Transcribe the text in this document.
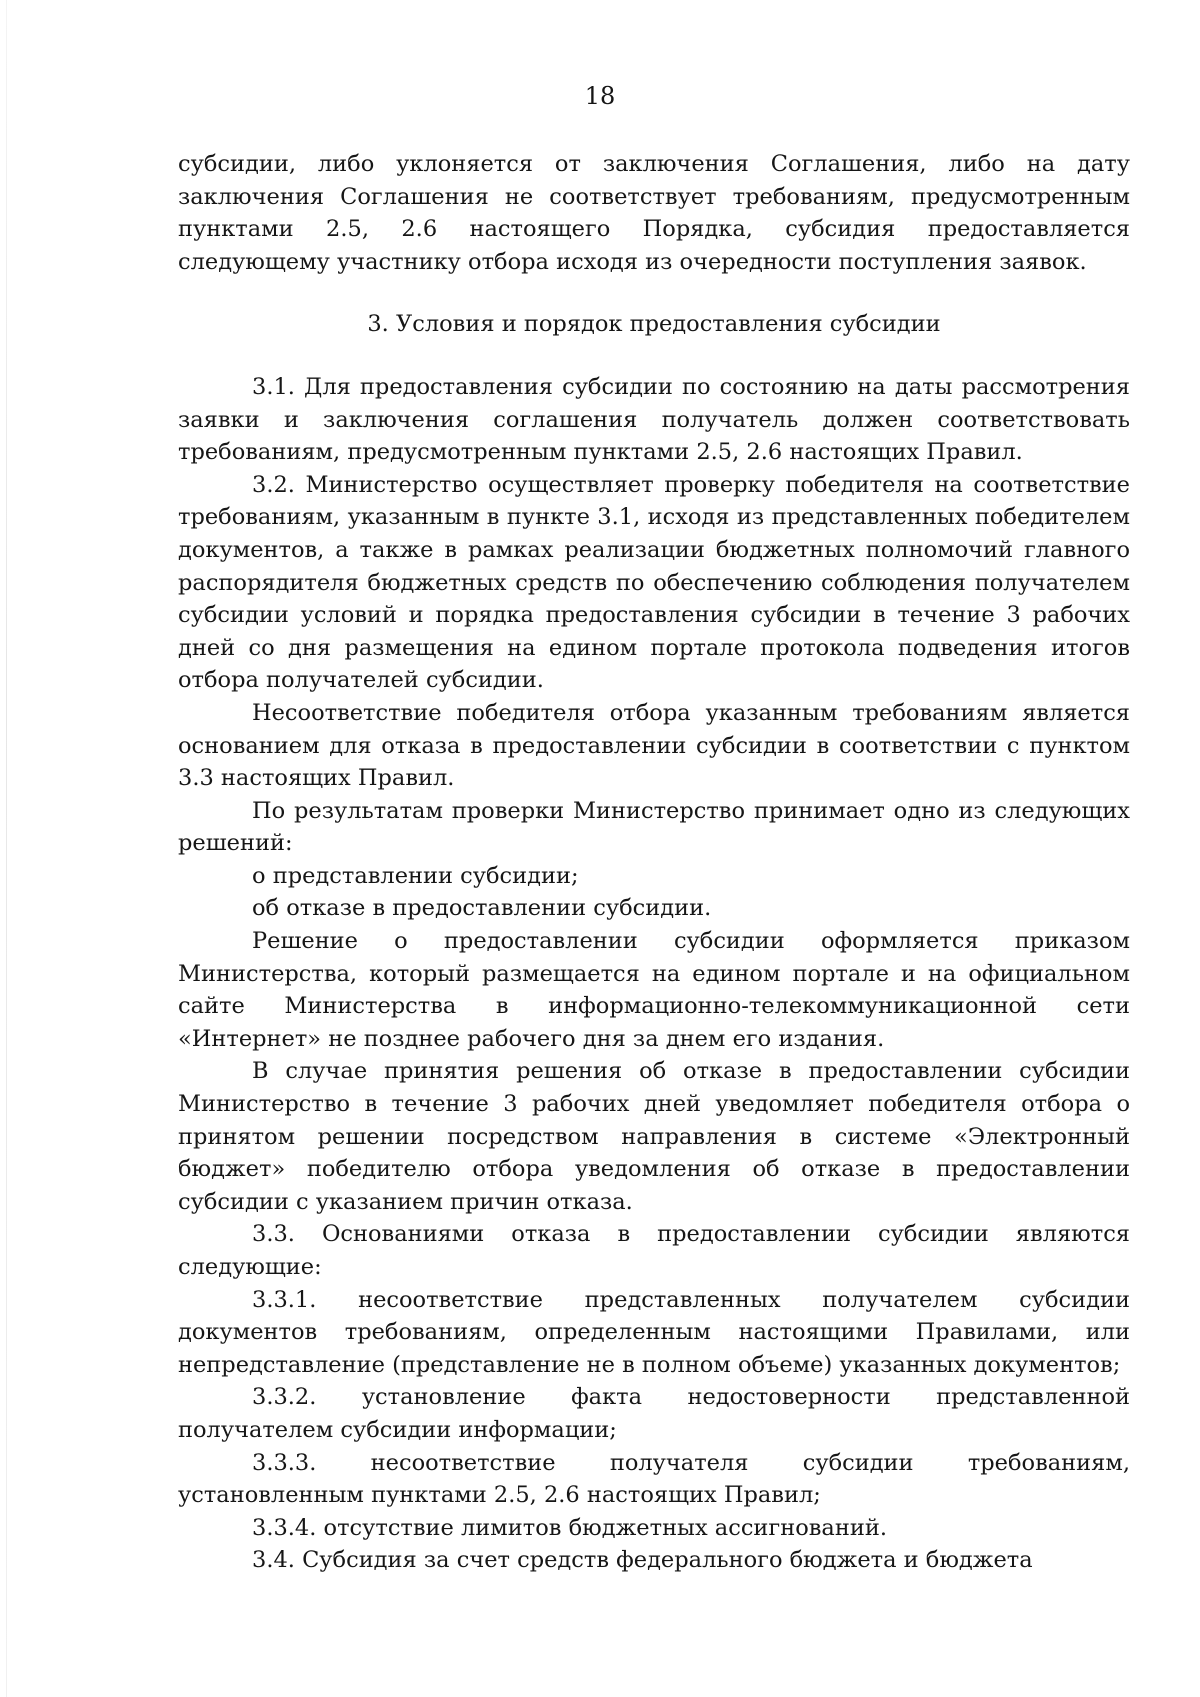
18

субсидии, либо уклоняется от заключения Соглашения, либо на дату заключения Соглашения не соответствует требованиям, предусмотренным пунктами 2.5, 2.6 настоящего Порядка, субсидия предоставляется следующему участнику отбора исходя из очередности поступления заявок.

3. Условия и порядок предоставления субсидии

3.1. Для предоставления субсидии по состоянию на даты рассмотрения заявки и заключения соглашения получатель должен соответствовать требованиям, предусмотренным пунктами 2.5, 2.6 настоящих Правил.

3.2. Министерство осуществляет проверку победителя на соответствие требованиям, указанным в пункте 3.1, исходя из представленных победителем документов, а также в рамках реализации бюджетных полномочий главного распорядителя бюджетных средств по обеспечению соблюдения получателем субсидии условий и порядка предоставления субсидии в течение 3 рабочих дней со дня размещения на едином портале протокола подведения итогов отбора получателей субсидии.

Несоответствие победителя отбора указанным требованиям является основанием для отказа в предоставлении субсидии в соответствии с пунктом 3.3 настоящих Правил.

По результатам проверки Министерство принимает одно из следующих решений:

о представлении субсидии;

об отказе в предоставлении субсидии.

Решение о предоставлении субсидии оформляется приказом Министерства, который размещается на едином портале и на официальном сайте Министерства в информационно-телекоммуникационной сети «Интернет» не позднее рабочего дня за днем его издания.

В случае принятия решения об отказе в предоставлении субсидии Министерство в течение 3 рабочих дней уведомляет победителя отбора о принятом решении посредством направления в системе «Электронный бюджет» победителю отбора уведомления об отказе в предоставлении субсидии с указанием причин отказа.

3.3. Основаниями отказа в предоставлении субсидии являются следующие:

3.3.1. несоответствие представленных получателем субсидии документов требованиям, определенным настоящими Правилами, или непредставление (представление не в полном объеме) указанных документов;

3.3.2. установление факта недостоверности представленной получателем субсидии информации;

3.3.3. несоответствие получателя субсидии требованиям, установленным пунктами 2.5, 2.6 настоящих Правил;

3.3.4. отсутствие лимитов бюджетных ассигнований.

3.4. Субсидия за счет средств федерального бюджета и бюджета
